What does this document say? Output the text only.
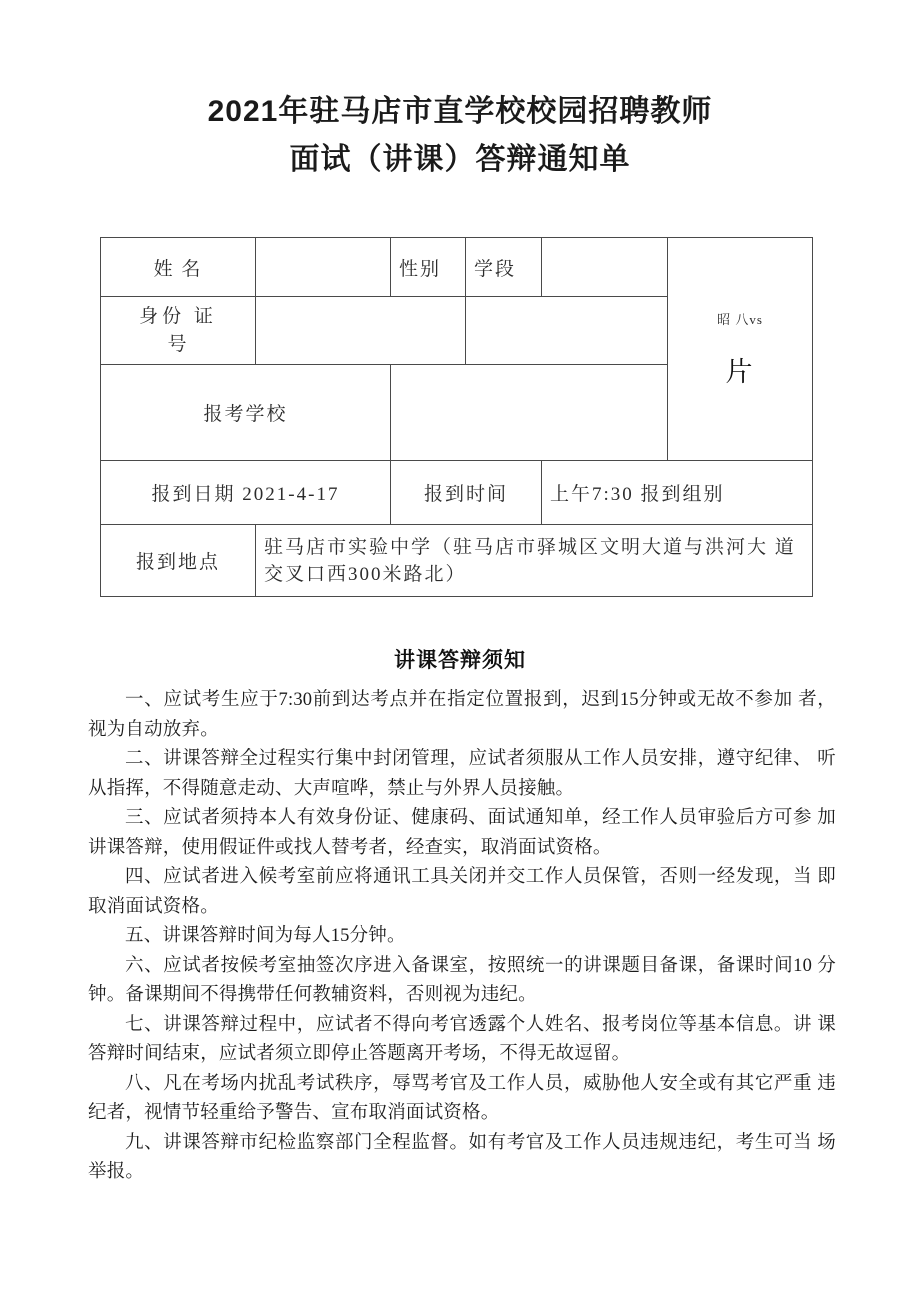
2021年驻马店市直学校校园招聘教师
面试（讲课）答辩通知单
姓 名		性别	学段		昭 八vs
片

身份 证
号					

报考学校					
报到日期 2021-4-17		报到时间		上午7:30 报到组别	
报到地点	驻马店市实验中学（驻马店市驿城区文明大道与洪河大 道
交叉口西300米路北）				
讲课答辩须知

一、应试考生应于7:30前到达考点并在指定位置报到，迟到15分钟或无故不参加 者，视为自动放弃。

二、讲课答辩全过程实行集中封闭管理，应试者须服从工作人员安排，遵守纪律、 听从指挥，不得随意走动、大声喧哗，禁止与外界人员接触。

三、应试者须持本人有效身份证、健康码、面试通知单，经工作人员审验后方可参 加讲课答辩，使用假证件或找人替考者，经查实，取消面试资格。

四、应试者进入候考室前应将通讯工具关闭并交工作人员保管，否则一经发现，当 即取消面试资格。

五、讲课答辩时间为每人15分钟。

六、应试者按候考室抽签次序进入备课室，按照统一的讲课题目备课，备课时间10 分钟。备课期间不得携带任何教辅资料，否则视为违纪。

七、讲课答辩过程中，应试者不得向考官透露个人姓名、报考岗位等基本信息。讲 课答辩时间结束，应试者须立即停止答题离开考场，不得无故逗留。

八、凡在考场内扰乱考试秩序，辱骂考官及工作人员，威胁他人安全或有其它严重 违纪者，视情节轻重给予警告、宣布取消面试资格。

九、讲课答辩市纪检监察部门全程监督。如有考官及工作人员违规违纪，考生可当 场举报。
